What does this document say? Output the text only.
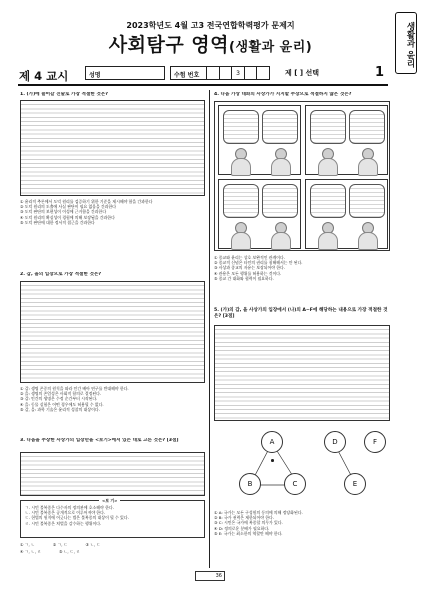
2023학년도 4월 고3 전국연합학력평가 문제지
사회탐구 영역(생활과 윤리)	생활과 윤리
제 4 교시	성명	수험 번호	3	제 [ ] 선택	1
1. (가)에 들어갈 진술로 가장 적절한 것은?
① 윤리적 추론에서 도덕 원리를 검증하기 위한 기준을 제시해야 함을 간과한다
② 도덕 원리의 도출에 사실 판단이 필요 없음을 간과한다
③ 도덕 판단의 보편성이 이성에 근거함을 간과한다
④ 도덕 원리의 확실성이 경험에 의해 보장됨을 간과한다
⑤ 도덕 판단에 대한 정서적 접근을 간과한다
2. 갑, 을의 입장으로 가장 적절한 것은?
① 갑: 생명 존중의 원칙을 따라 인간 배아 연구를 반대해야 한다.
② 을: 생명의 존엄성은 사회적 합의로 결정된다.
③ 갑: 인간의 생명은 수정 순간부터 시작된다.
④ 을: 동물 실험은 어떤 경우에도 허용될 수 없다.
⑤ 갑, 을: 과학 기술은 윤리적 성찰의 대상이다.
3. 다음을 주장한 사상가의 입장만을 <보기>에서 있는 대로 고른 것은? [3점]
<보 기>
ㄱ. 시민 불복종은 다수자의 정의관에 호소해야 한다.
ㄴ. 시민 불복종은 공개적으로 이루어져야 한다.
ㄷ. 헌법의 원칙에 어긋나는 법은 불복종의 대상이 될 수 있다.
ㄹ. 시민 불복종은 처벌을 감수하는 행위이다.
① ㄱ, ㄴ	② ㄱ, ㄷ	③ ㄴ, ㄷ
④ ㄱ, ㄴ, ㄹ	⑤ ㄴ, ㄷ, ㄹ
4. 다음 가상 대화의 사상가가 지지할 주장으로 적절하지 않은 것은?
① 종교와 윤리는 상호 보완적인 관계이다.
② 종교적 신념은 타인의 권리를 침해해서는 안 된다.
③ 사상과 종교의 자유는 보장되어야 한다.
④ 관용은 모든 행위를 허용하는 것이다.
⑤ 종교 간 대화와 협력이 필요하다.
5. (가)의 갑, 을 사상가의 입장에서 (나)의 A~F에 해당하는 내용으로 가장 적절한 것은? [3점]
A
B	C
D
E
F
① A: 국가는 모든 구성원의 동의에 의해 정당화된다.
② B: 국가 권력은 제한되어야 한다.
③ C: 시민은 국가에 복종할 의무가 있다.
④ D: 정의로운 분배가 필요하다.
⑤ E: 국가는 최소한의 역할만 해야 한다.
36
